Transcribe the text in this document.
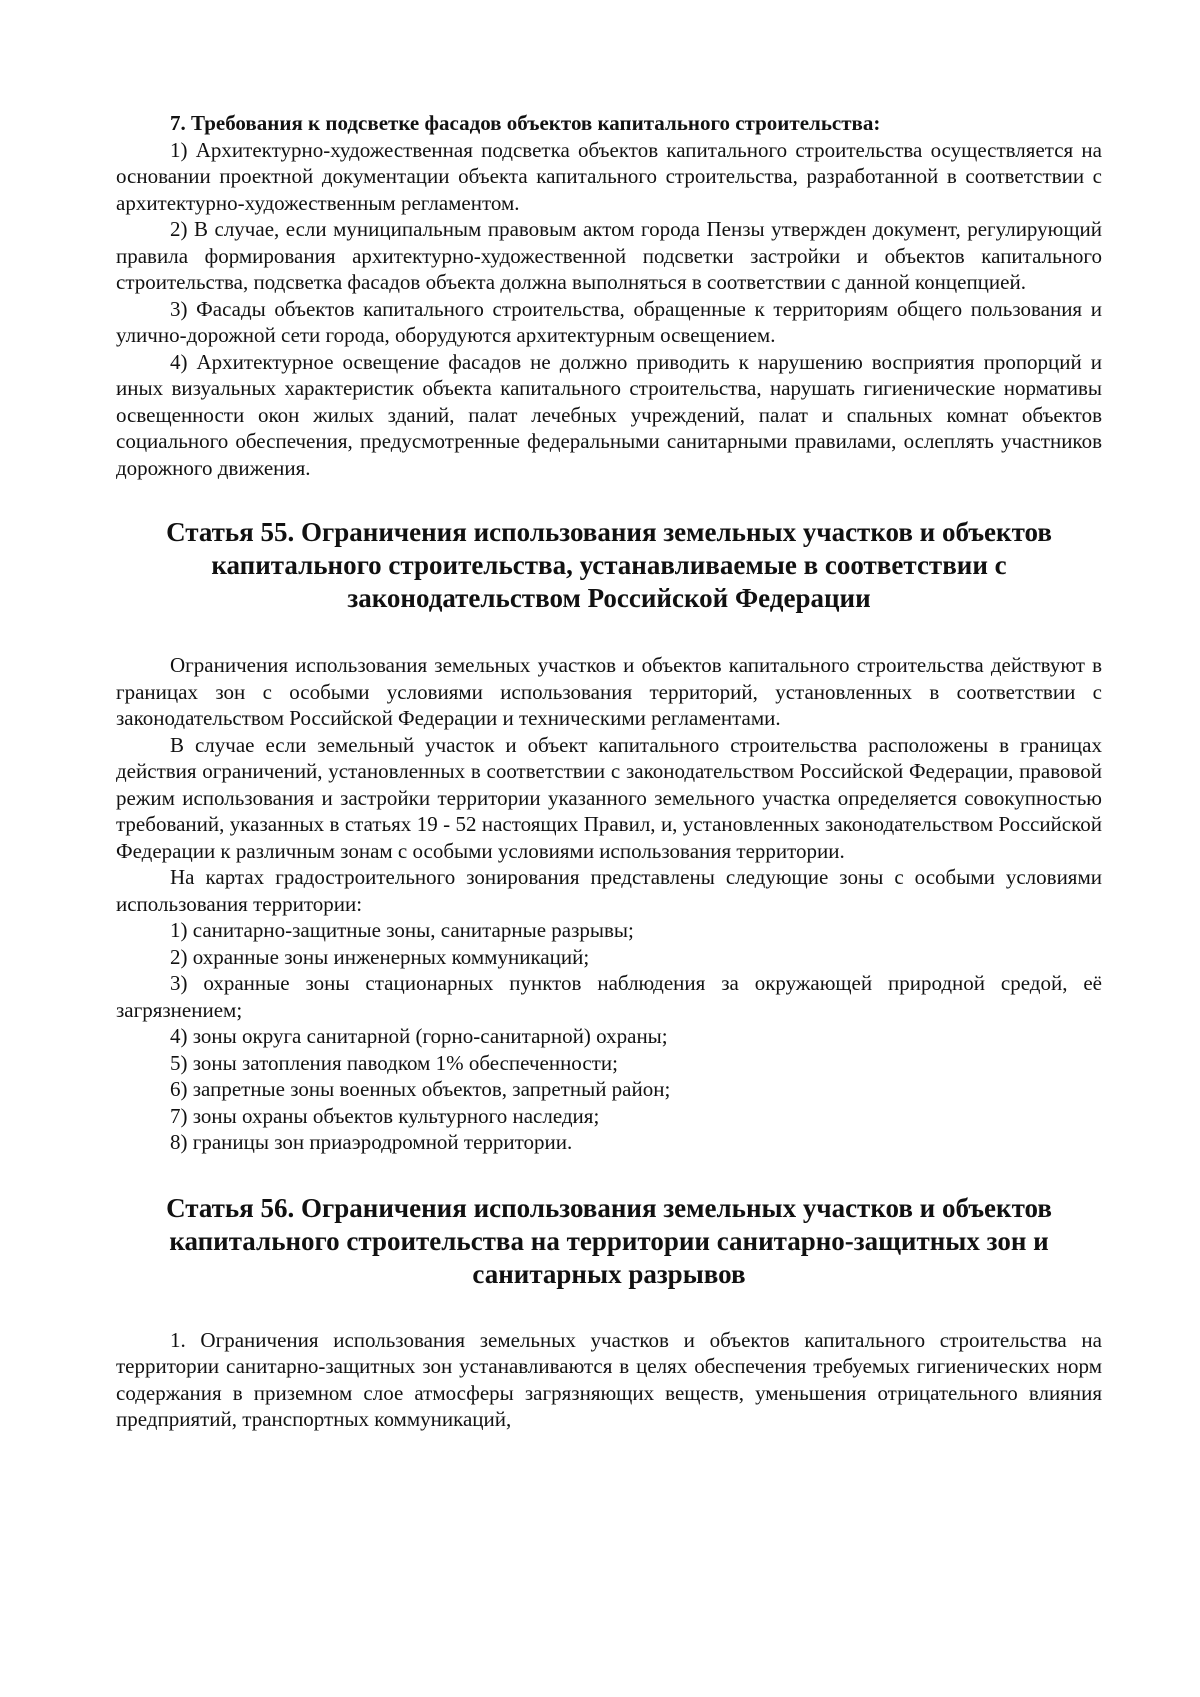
7. Требования к подсветке фасадов объектов капитального строительства:

1) Архитектурно-художественная подсветка объектов капитального строительства осуществляется на основании проектной документации объекта капитального строительства, разработанной в соответствии с архитектурно-художественным регламентом.

2) В случае, если муниципальным правовым актом города Пензы утвержден документ, регулирующий правила формирования архитектурно-художественной подсветки застройки и объектов капитального строительства, подсветка фасадов объекта должна выполняться в соответствии с данной концепцией.

3) Фасады объектов капитального строительства, обращенные к территориям общего пользования и улично-дорожной сети города, оборудуются архитектурным освещением.

4) Архитектурное освещение фасадов не должно приводить к нарушению восприятия пропорций и иных визуальных характеристик объекта капитального строительства, нарушать гигиенические нормативы освещенности окон жилых зданий, палат лечебных учреждений, палат и спальных комнат объектов социального обеспечения, предусмотренные федеральными санитарными правилами, ослеплять участников дорожного движения.

Статья 55. Ограничения использования земельных участков и объектов капитального строительства, устанавливаемые в соответствии с законодательством Российской Федерации

Ограничения использования земельных участков и объектов капитального строительства действуют в границах зон с особыми условиями использования территорий, установленных в соответствии с законодательством Российской Федерации и техническими регламентами.

В случае если земельный участок и объект капитального строительства расположены в границах действия ограничений, установленных в соответствии с законодательством Российской Федерации, правовой режим использования и застройки территории указанного земельного участка определяется совокупностью требований, указанных в статьях 19 - 52 настоящих Правил, и, установленных законодательством Российской Федерации к различным зонам с особыми условиями использования территории.

На картах градостроительного зонирования представлены следующие зоны с особыми условиями использования территории:

1) санитарно-защитные зоны, санитарные разрывы;

2) охранные зоны инженерных коммуникаций;

3) охранные зоны стационарных пунктов наблюдения за окружающей природной средой, её загрязнением;

4) зоны округа санитарной (горно-санитарной) охраны;

5) зоны затопления паводком 1% обеспеченности;

6) запретные зоны военных объектов, запретный район;

7) зоны охраны объектов культурного наследия;

8) границы зон приаэродромной территории.

Статья 56. Ограничения использования земельных участков и объектов капитального строительства на территории санитарно-защитных зон и санитарных разрывов

1. Ограничения использования земельных участков и объектов капитального строительства на территории санитарно-защитных зон устанавливаются в целях обеспечения требуемых гигиенических норм содержания в приземном слое атмосферы загрязняющих веществ, уменьшения отрицательного влияния предприятий, транспортных коммуникаций,
